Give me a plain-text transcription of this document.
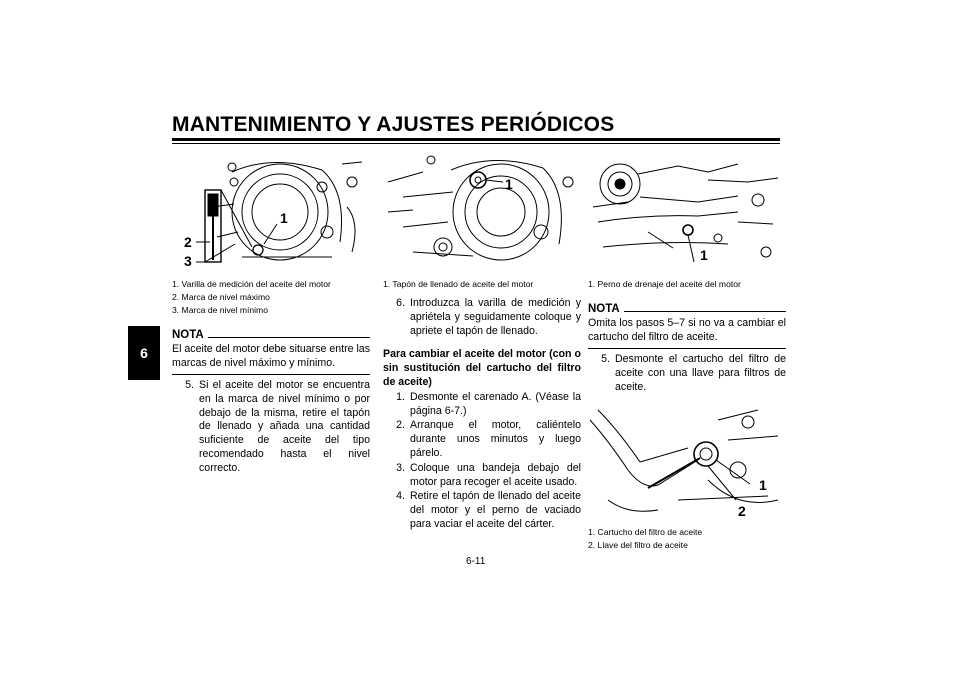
MANTENIMIENTO Y AJUSTES PERIÓDICOS
6
1
2
3
1. Varilla de medición del aceite del motor
2. Marca de nivel máximo
3. Marca de nivel mínimo
NOTA
El aceite del motor debe situarse entre las marcas de nivel máximo y mínimo.
5. Si el aceite del motor se encuentra en la marca de nivel mínimo o por debajo de la misma, retire el tapón de llenado y añada una cantidad suficiente de aceite del tipo recomendado hasta el nivel correcto.
1
1. Tapón de llenado de aceite del motor
6. Introduzca la varilla de medición y apriétela y seguidamente coloque y apriete el tapón de llenado.
Para cambiar el aceite del motor (con o sin sustitución del cartucho del filtro de aceite)
1. Desmonte el carenado A. (Véase la página 6-7.)
2. Arranque el motor, caliéntelo durante unos minutos y luego párelo.
3. Coloque una bandeja debajo del motor para recoger el aceite usado.
4. Retire el tapón de llenado del aceite del motor y el perno de vaciado para vaciar el aceite del cárter.
1
1. Perno de drenaje del aceite del motor
NOTA
Omita los pasos 5–7 si no va a cambiar el cartucho del filtro de aceite.
5. Desmonte el cartucho del filtro de aceite con una llave para filtros de aceite.
1
2
1. Cartucho del filtro de aceite
2. Llave del filtro de aceite
6-11
